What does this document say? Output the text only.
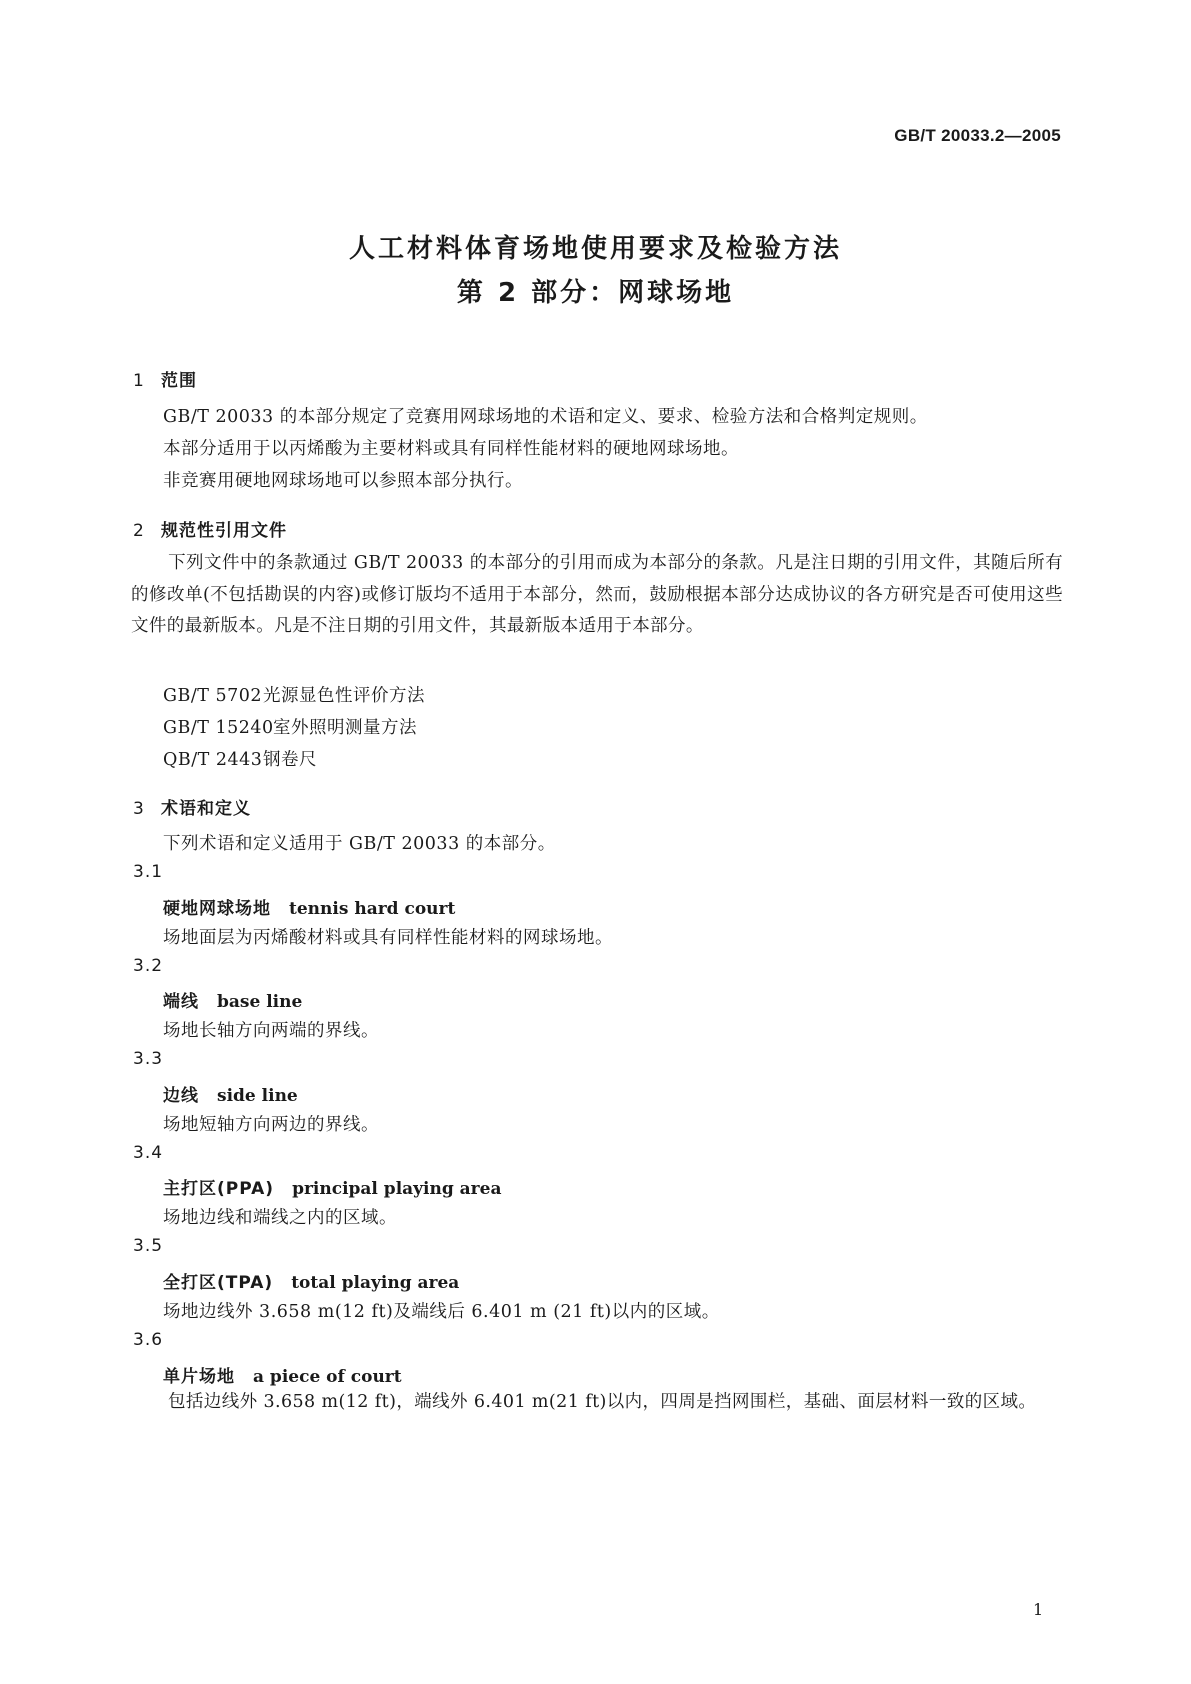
GB/T 20033.2—2005
人工材料体育场地使用要求及检验方法
第 2 部分：网球场地
1 范围
GB/T 20033 的本部分规定了竞赛用网球场地的术语和定义、要求、检验方法和合格判定规则。
本部分适用于以丙烯酸为主要材料或具有同样性能材料的硬地网球场地。
非竞赛用硬地网球场地可以参照本部分执行。
2 规范性引用文件
下列文件中的条款通过 GB/T 20033 的本部分的引用而成为本部分的条款。凡是注日期的引用文件，其随后所有的修改单(不包括勘误的内容)或修订版均不适用于本部分，然而，鼓励根据本部分达成协议的各方研究是否可使用这些文件的最新版本。凡是不注日期的引用文件，其最新版本适用于本部分。
GB/T 5702光源显色性评价方法
GB/T 15240室外照明测量方法
QB/T 2443钢卷尺
3 术语和定义
下列术语和定义适用于 GB/T 20033 的本部分。
3.1
硬地网球场地 tennis hard court
场地面层为丙烯酸材料或具有同样性能材料的网球场地。
3.2
端线 base line
场地长轴方向两端的界线。
3.3
边线 side line
场地短轴方向两边的界线。
3.4
主打区(PPA) principal playing area
场地边线和端线之内的区域。
3.5
全打区(TPA) total playing area
场地边线外 3.658 m(12 ft)及端线后 6.401 m (21 ft)以内的区域。
3.6
单片场地 a piece of court
包括边线外 3.658 m(12 ft)，端线外 6.401 m(21 ft)以内，四周是挡网围栏，基础、面层材料一致的区域。
1
